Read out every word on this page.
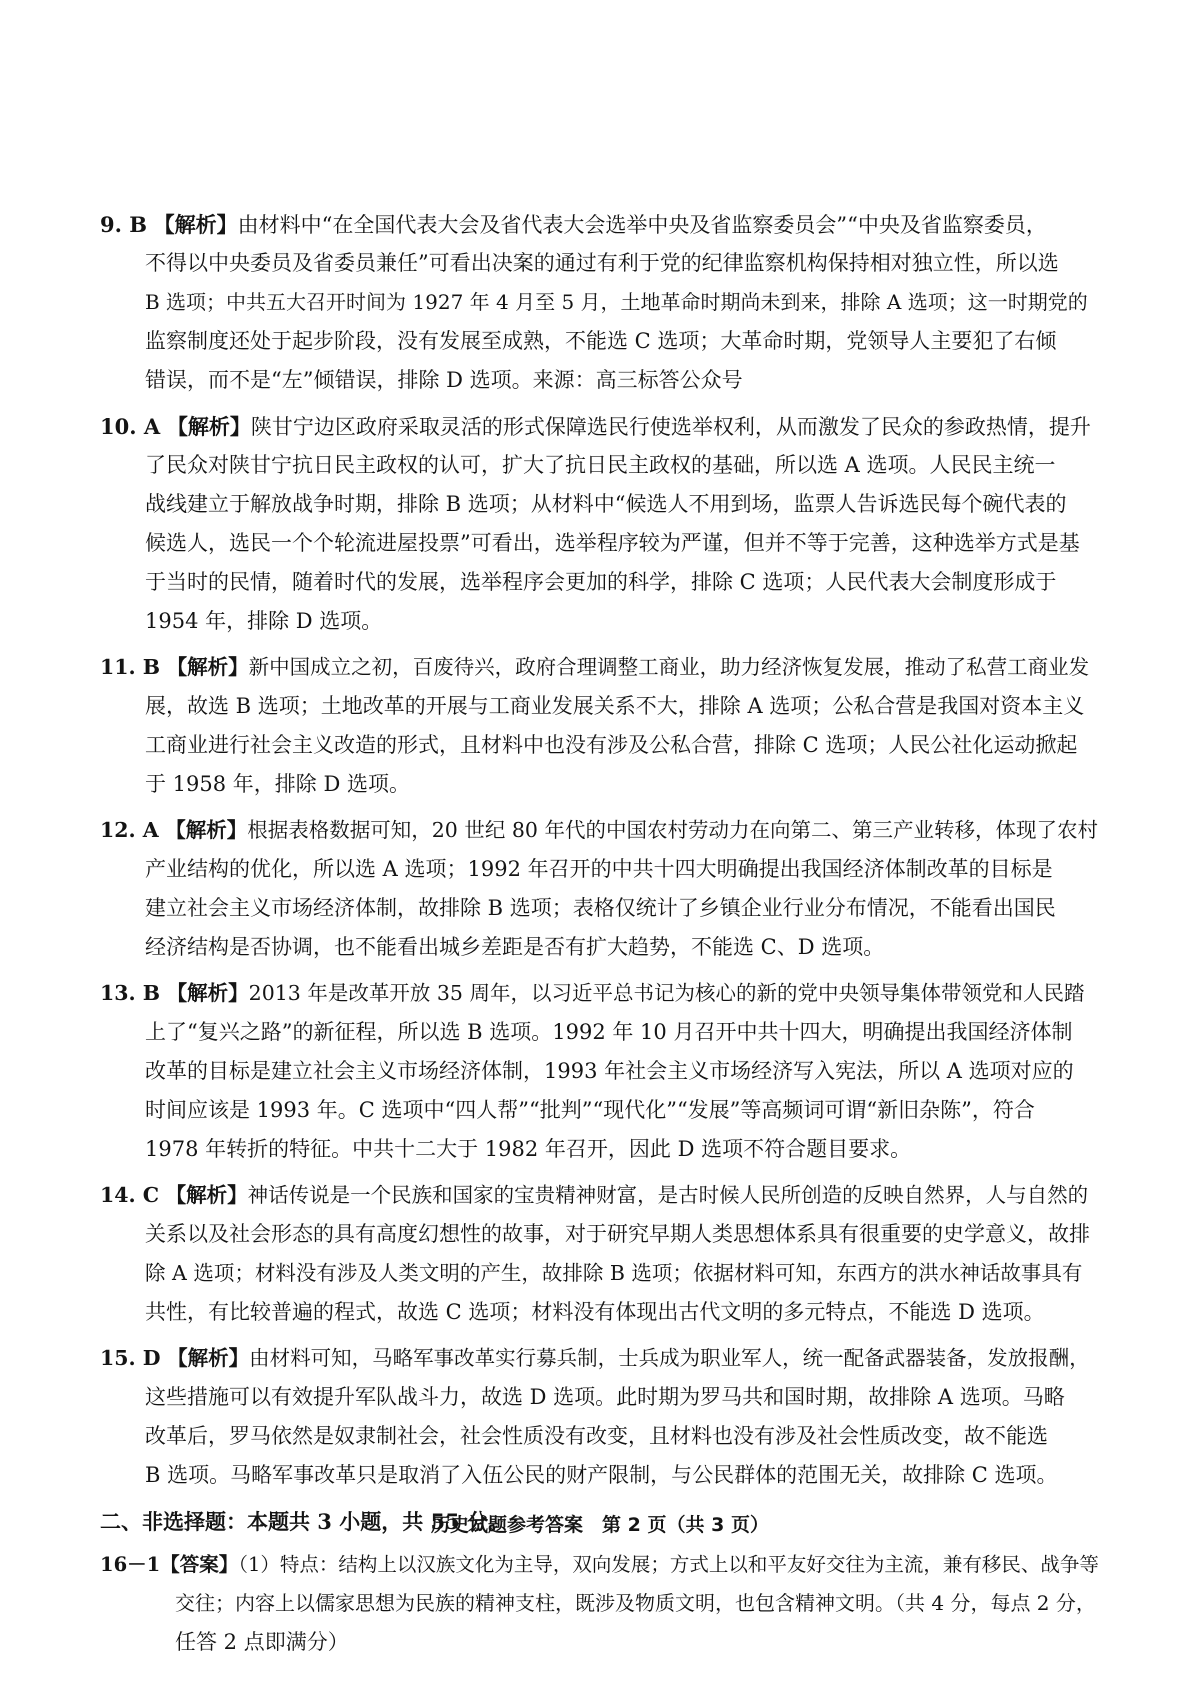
9. B 【解析】由材料中“在全国代表大会及省代表大会选举中央及省监察委员会”“中央及省监察委员，
不得以中央委员及省委员兼任”可看出决案的通过有利于党的纪律监察机构保持相对独立性，所以选
B 选项；中共五大召开时间为 1927 年 4 月至 5 月，土地革命时期尚未到来，排除 A 选项；这一时期党的
监察制度还处于起步阶段，没有发展至成熟，不能选 C 选项；大革命时期，党领导人主要犯了右倾
错误，而不是“左”倾错误，排除 D 选项。来源：高三标答公众号
10. A 【解析】陕甘宁边区政府采取灵活的形式保障选民行使选举权利，从而激发了民众的参政热情，提升
了民众对陕甘宁抗日民主政权的认可，扩大了抗日民主政权的基础，所以选 A 选项。人民民主统一
战线建立于解放战争时期，排除 B 选项；从材料中“候选人不用到场，监票人告诉选民每个碗代表的
候选人，选民一个个轮流进屋投票”可看出，选举程序较为严谨，但并不等于完善，这种选举方式是基
于当时的民情，随着时代的发展，选举程序会更加的科学，排除 C 选项；人民代表大会制度形成于
1954 年，排除 D 选项。
11. B 【解析】新中国成立之初，百废待兴，政府合理调整工商业，助力经济恢复发展，推动了私营工商业发
展，故选 B 选项；土地改革的开展与工商业发展关系不大，排除 A 选项；公私合营是我国对资本主义
工商业进行社会主义改造的形式，且材料中也没有涉及公私合营，排除 C 选项；人民公社化运动掀起
于 1958 年，排除 D 选项。
12. A 【解析】根据表格数据可知，20 世纪 80 年代的中国农村劳动力在向第二、第三产业转移，体现了农村
产业结构的优化，所以选 A 选项；1992 年召开的中共十四大明确提出我国经济体制改革的目标是
建立社会主义市场经济体制，故排除 B 选项；表格仅统计了乡镇企业行业分布情况，不能看出国民
经济结构是否协调，也不能看出城乡差距是否有扩大趋势，不能选 C、D 选项。
13. B 【解析】2013 年是改革开放 35 周年，以习近平总书记为核心的新的党中央领导集体带领党和人民踏
上了“复兴之路”的新征程，所以选 B 选项。1992 年 10 月召开中共十四大，明确提出我国经济体制
改革的目标是建立社会主义市场经济体制，1993 年社会主义市场经济写入宪法，所以 A 选项对应的
时间应该是 1993 年。C 选项中“四人帮”“批判”“现代化”“发展”等高频词可谓“新旧杂陈”，符合
1978 年转折的特征。中共十二大于 1982 年召开，因此 D 选项不符合题目要求。
14. C 【解析】神话传说是一个民族和国家的宝贵精神财富，是古时候人民所创造的反映自然界，人与自然的
关系以及社会形态的具有高度幻想性的故事，对于研究早期人类思想体系具有很重要的史学意义，故排
除 A 选项；材料没有涉及人类文明的产生，故排除 B 选项；依据材料可知，东西方的洪水神话故事具有
共性，有比较普遍的程式，故选 C 选项；材料没有体现出古代文明的多元特点，不能选 D 选项。
15. D 【解析】由材料可知，马略军事改革实行募兵制，士兵成为职业军人，统一配备武器装备，发放报酬，
这些措施可以有效提升军队战斗力，故选 D 选项。此时期为罗马共和国时期，故排除 A 选项。马略
改革后，罗马依然是奴隶制社会，社会性质没有改变，且材料也没有涉及社会性质改变，故不能选
B 选项。马略军事改革只是取消了入伍公民的财产限制，与公民群体的范围无关，故排除 C 选项。
二、非选择题：本题共 3 小题，共 55 分。
16－1【答案】（1）特点：结构上以汉族文化为主导，双向发展；方式上以和平友好交往为主流，兼有移民、战争等
交往；内容上以儒家思想为民族的精神支柱，既涉及物质文明，也包含精神文明。（共 4 分，每点 2 分，
任答 2 点即满分）
历史试题参考答案　第 2 页（共 3 页）
